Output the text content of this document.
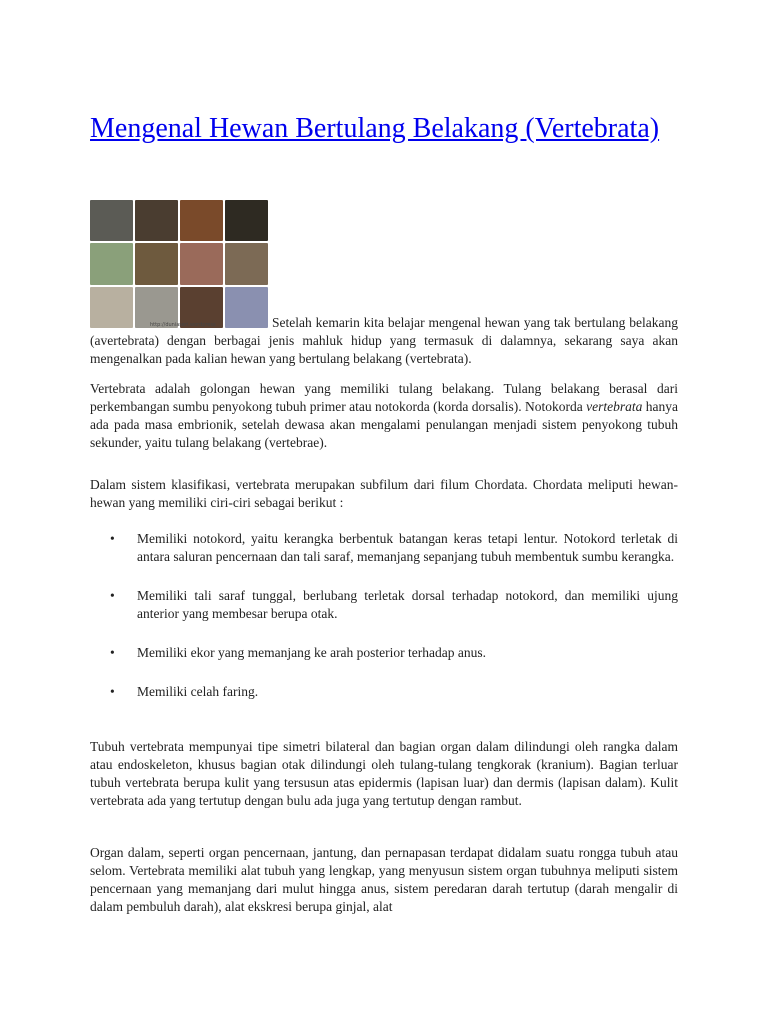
Mengenal Hewan Bertulang Belakang (Vertebrata)
http://duniaseri.wordpress	Setelah kemarin kita belajar mengenal hewan yang tak bertulang belakang (avertebrata) dengan berbagai jenis mahluk hidup yang termasuk di dalamnya, sekarang saya akan mengenalkan pada kalian hewan yang bertulang belakang (vertebrata).

Vertebrata adalah golongan hewan yang memiliki tulang belakang. Tulang belakang berasal dari perkembangan sumbu penyokong tubuh primer atau notokorda (korda dorsalis). Notokorda vertebrata hanya ada pada masa embrionik, setelah dewasa akan mengalami penulangan menjadi sistem penyokong tubuh sekunder, yaitu tulang belakang (vertebrae).

Dalam sistem klasifikasi, vertebrata merupakan subfilum dari filum Chordata. Chordata meliputi hewan-hewan yang memiliki ciri-ciri sebagai berikut :

• Memiliki notokord, yaitu kerangka berbentuk batangan keras tetapi lentur. Notokord terletak di antara saluran pencernaan dan tali saraf, memanjang sepanjang tubuh membentuk sumbu kerangka.
• Memiliki tali saraf tunggal, berlubang terletak dorsal terhadap notokord, dan memiliki ujung anterior yang membesar berupa otak.
• Memiliki ekor yang memanjang ke arah posterior terhadap anus.
• Memiliki celah faring.

Tubuh vertebrata mempunyai tipe simetri bilateral dan bagian organ dalam dilindungi oleh rangka dalam atau endoskeleton, khusus bagian otak dilindungi oleh tulang-tulang tengkorak (kranium). Bagian terluar tubuh vertebrata berupa kulit yang tersusun atas epidermis (lapisan luar) dan dermis (lapisan dalam). Kulit vertebrata ada yang tertutup dengan bulu ada juga yang tertutup dengan rambut.

Organ dalam, seperti organ pencernaan, jantung, dan pernapasan terdapat didalam suatu rongga tubuh atau selom. Vertebrata memiliki alat tubuh yang lengkap, yang menyusun sistem organ tubuhnya meliputi sistem pencernaan yang memanjang dari mulut hingga anus, sistem peredaran darah tertutup (darah mengalir di dalam pembuluh darah), alat ekskresi berupa ginjal, alat
